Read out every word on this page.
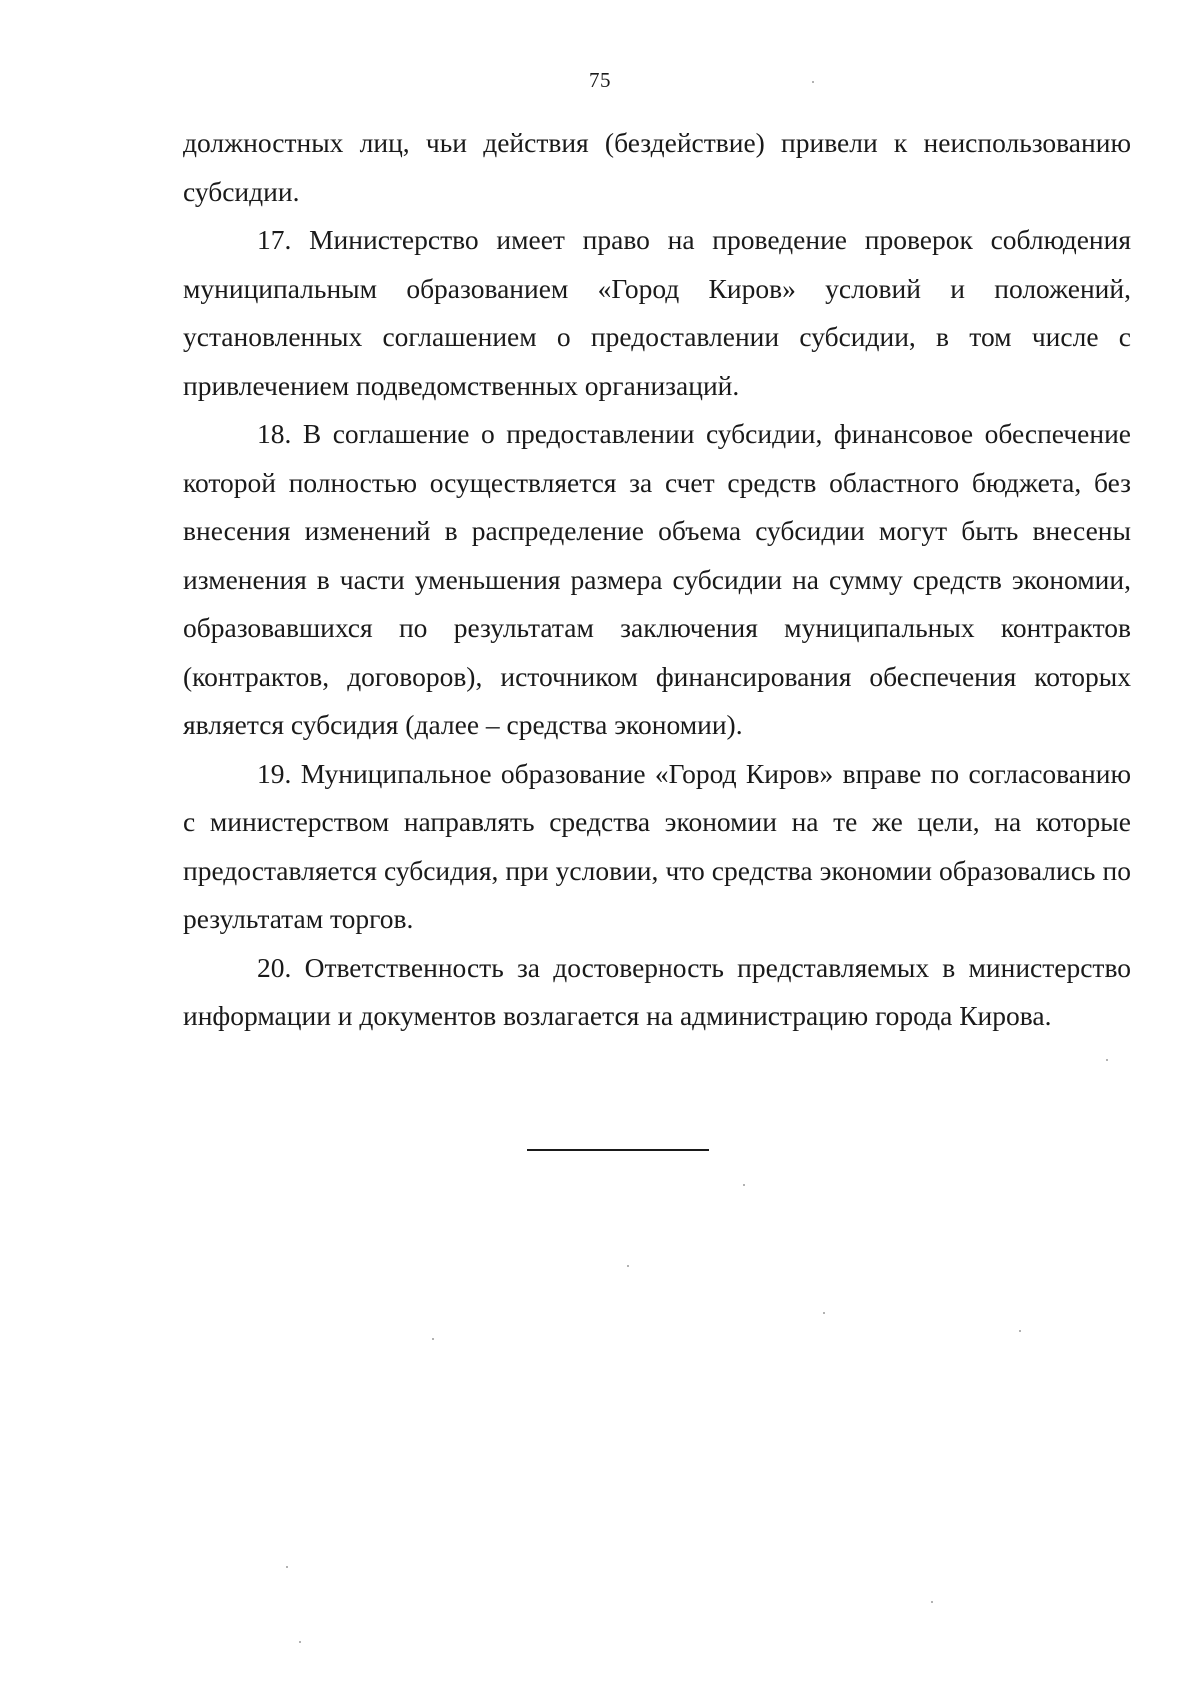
75

должностных лиц, чьи действия (бездействие) привели к неиспользованию субсидии.

17. Министерство имеет право на проведение проверок соблюдения муниципальным образованием «Город Киров» условий и положений, установленных соглашением о предоставлении субсидии, в том числе с привлечением подведомственных организаций.

18. В соглашение о предоставлении субсидии, финансовое обеспечение которой полностью осуществляется за счет средств областного бюджета, без внесения изменений в распределение объема субсидии могут быть внесены изменения в части уменьшения размера субсидии на сумму средств экономии, образовавшихся по результатам заключения муниципальных контрактов (контрактов, договоров), источником финансирования обеспечения которых является субсидия (далее – средства экономии).

19. Муниципальное образование «Город Киров» вправе по согласованию с министерством направлять средства экономии на те же цели, на которые предоставляется субсидия, при условии, что средства экономии образовались по результатам торгов.

20. Ответственность за достоверность представляемых в министерство информации и документов возлагается на администрацию города Кирова.
